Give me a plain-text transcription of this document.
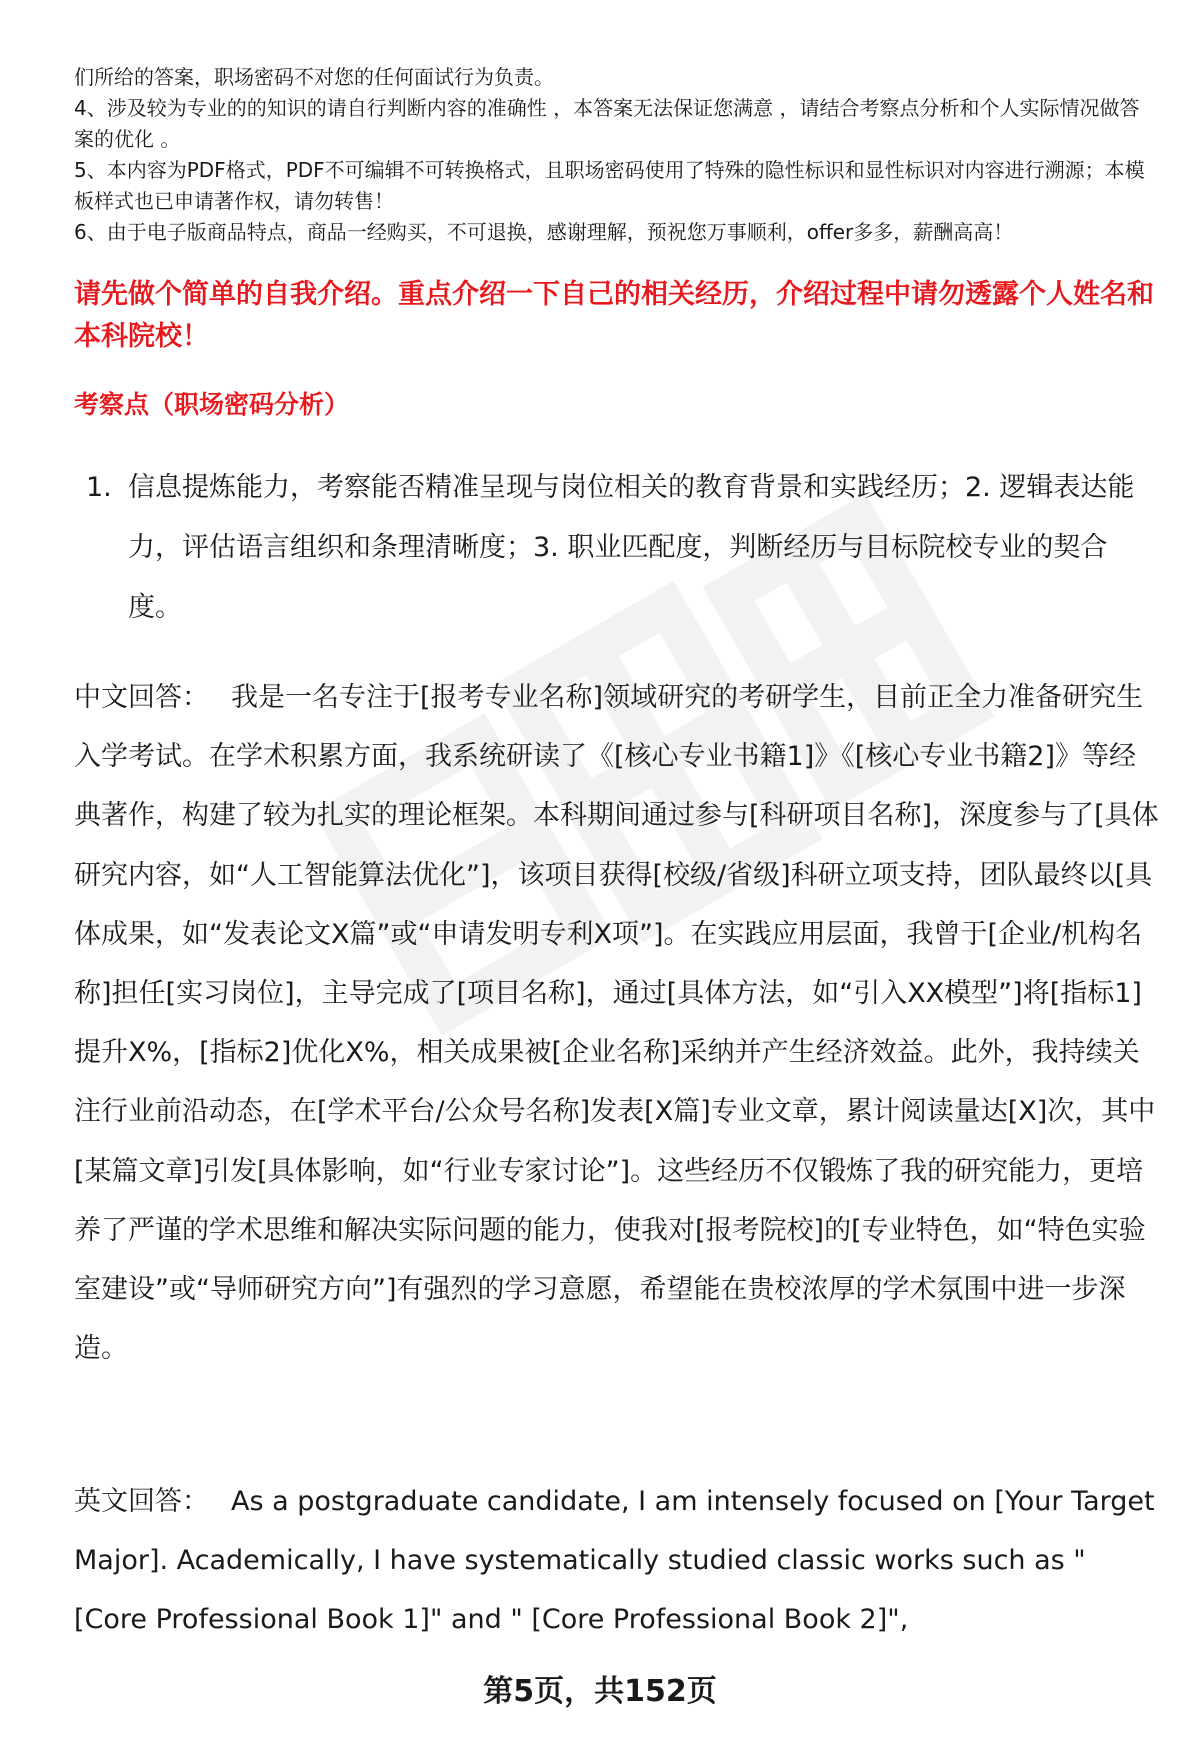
们所给的答案，职场密码不对您的任何面试行为负责。

4、涉及较为专业的的知识的请自行判断内容的准确性 ，本答案无法保证您满意 ，请结合考察点分析和个人实际情况做答案的优化 。

5、本内容为PDF格式，PDF不可编辑不可转换格式，且职场密码使用了特殊的隐性标识和显性标识对内容进行溯源；本模板样式也已申请著作权，请勿转售！

6、由于电子版商品特点，商品一经购买，不可退换，感谢理解，预祝您万事顺利，offer多多，薪酬高高！

请先做个简单的自我介绍。重点介绍一下自己的相关经历，介绍过程中请勿透露个人姓名和本科院校！

考察点（职场密码分析）

1. 信息提炼能力，考察能否精准呈现与岗位相关的教育背景和实践经历；2. 逻辑表达能力，评估语言组织和条理清晰度；3. 职业匹配度，判断经历与目标院校专业的契合度。

中文回答： 我是一名专注于[报考专业名称]领域研究的考研学生，目前正全力准备研究生入学考试。在学术积累方面，我系统研读了《[核心专业书籍1]》《[核心专业书籍2]》等经典著作，构建了较为扎实的理论框架。本科期间通过参与[科研项目名称]，深度参与了[具体研究内容，如“人工智能算法优化”]，该项目获得[校级/省级]科研立项支持，团队最终以[具体成果，如“发表论文X篇”或“申请发明专利X项”]。在实践应用层面，我曾于[企业/机构名称]担任[实习岗位]，主导完成了[项目名称]，通过[具体方法，如“引入XX模型”]将[指标1]提升X%，[指标2]优化X%，相关成果被[企业名称]采纳并产生经济效益。此外，我持续关注行业前沿动态，在[学术平台/公众号名称]发表[X篇]专业文章，累计阅读量达[X]次，其中[某篇文章]引发[具体影响，如“行业专家讨论”]。这些经历不仅锻炼了我的研究能力，更培养了严谨的学术思维和解决实际问题的能力，使我对[报考院校]的[专业特色，如“特色实验室建设”或“导师研究方向”]有强烈的学习意愿，希望能在贵校浓厚的学术氛围中进一步深造。

英文回答： As a postgraduate candidate, I am intensely focused on [Your Target Major]. Academically, I have systematically studied classic works such as " [Core Professional Book 1]" and " [Core Professional Book 2]",

第5页，共152页
